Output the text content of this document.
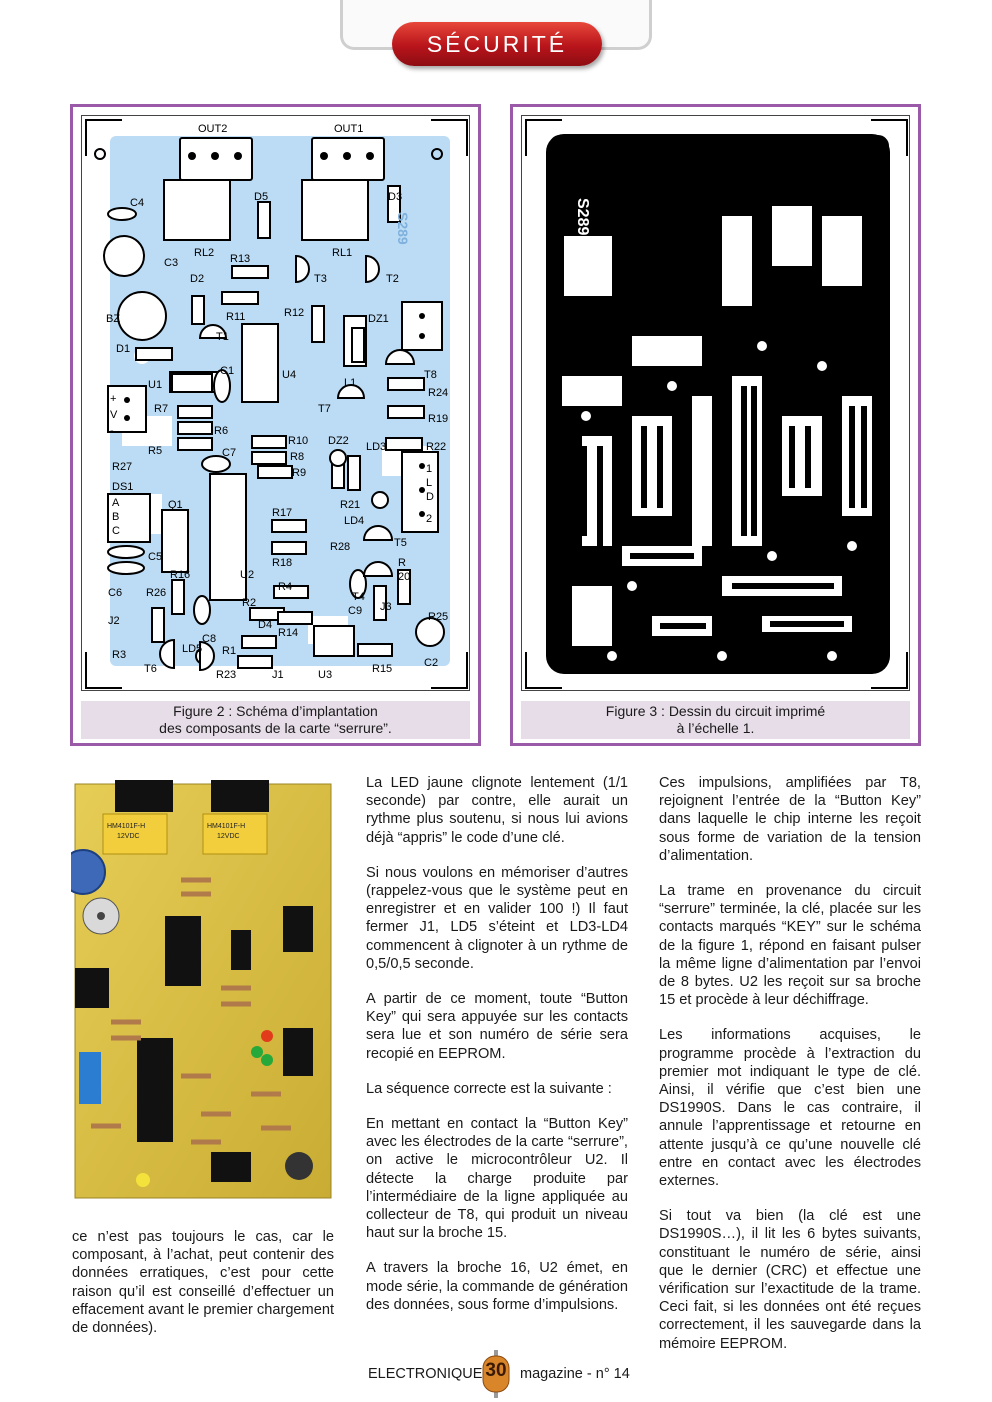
SÉCURITÉ
OUT2	OUT1
C4	D5	D3
C3
RL2	RL1
R13
T3	T2
D2
BZ	R11	R12	DZ1
T1
D1
C1	U4	T8
U1	L1
R24
R7
R19
T7
+
V
-	R6
R10 DZ2 LD3	R22
R5	C7	R8
R27	R9	1
L
D
2
DS1
Q1	R21
A
B
C
LD4
R17
T5
R28
C5	R18	R
R16	U2
C6 R26	R4
20
T4
J2
R2
C9 J3
R25
D4
R14
C8
R3	LD5 R1
C2
T6	R23	J1	U3	R15
S289
Figure 2 : Schéma d’implantation
des composants de la carte “serrure”.
S289
Figure 3 : Dessin du circuit imprimé
à l’échelle 1.
HM4101F-H
12VDC
HM4101F-H
12VDC

ce n’est pas toujours le cas, car le composant, à l’achat, peut contenir des données erratiques, c’est pour cette raison qu’il est conseillé d’effectuer un effacement avant le premier chargement de données).

La LED jaune clignote lentement (1/1 seconde) par contre, elle aurait un rythme plus soutenu, si nous lui avions déjà “appris” le code d’une clé.

Si nous voulons en mémoriser d’autres (rappelez-vous que le système peut en enregistrer et en valider 100 !) Il faut fermer J1, LD5 s’éteint et LD3-LD4 commencent à clignoter à un rythme de 0,5/0,5 seconde.

A partir de ce moment, toute “Button Key” qui sera appuyée sur les contacts sera lue et son numéro de série sera recopié en EEPROM.

La séquence correcte est la suivante :

En mettant en contact la “Button Key” avec les électrodes de la carte “serrure”, on active le microcontrôleur U2. Il détecte la charge produite par l’intermédiaire de la ligne appliquée au collecteur de T8, qui produit un niveau haut sur la broche 15.

A travers la broche 16, U2 émet, en mode série, la commande de génération des données, sous forme d’impulsions.

Ces impulsions, amplifiées par T8, rejoignent l’entrée de la “Button Key” dans laquelle le chip interne les reçoit sous forme de variation de la tension d’alimentation.

La trame en provenance du circuit “serrure” terminée, la clé, placée sur les contacts marqués “KEY” sur le schéma de la figure 1, répond en faisant pulser la même ligne d’alimentation par l’envoi de 8 bytes. U2 les reçoit sur sa broche 15 et procède à leur déchiffrage.

Les informations acquises, le programme procède à l’extraction du premier mot indiquant le type de clé. Ainsi, il vérifie que c’est bien une DS1990S. Dans le cas contraire, il annule l’apprentissage et retourne en attente jusqu’à ce qu’une nouvelle clé entre en contact avec les électrodes externes.

Si tout va bien (la clé est une DS1990S…), il lit les 6 bytes suivants, constituant le numéro de série, ainsi que le dernier (CRC) et effectue une vérification sur l’exactitude de la trame. Ceci fait, si les données ont été reçues correctement, il les sauvegarde dans la mémoire EEPROM.

ELECTRONIQUE 30 magazine - n° 14
